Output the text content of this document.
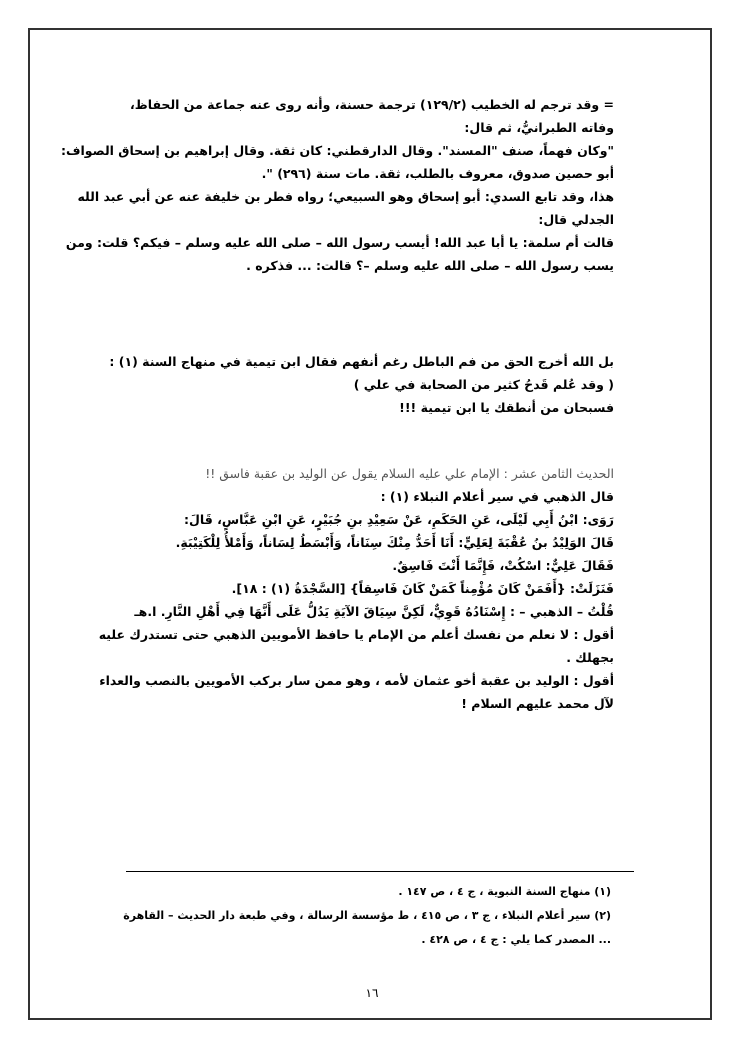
= وقد ترجم له الخطيب (١٢٩/٢) ترجمة حسنة، وأنه روى عنه جماعة من الحفاظ،
وفاته الطبرانيُّ، ثم قال:
"وكان فهماً، صنف "المسند". وقال الدارقطني: كان ثقة. وقال إبراهيم بن إسحاق الصواف:
أبو حصين صدوق، معروف بالطلب، ثقة. مات سنة (٢٩٦) ".
هذا، وقد تابع السدي: أبو إسحاق وهو السبيعي؛ رواه فطر بن خليفة عنه عن أبي عبد الله
الجدلي قال:
قالت أم سلمة: يا أبا عبد الله! أيسب رسول الله – صلى الله عليه وسلم – فيكم؟ قلت: ومن
يسب رسول الله – صلى الله عليه وسلم –؟ قالت: ... فذكره .
بل الله أخرج الحق من فم الباطل رغم أنفهم فقال ابن تيمية في منهاج السنة (١) :
( وقد عُلم قَدحُ كثير من الصحابة في علي )
فسبحان من أنطقك يا ابن تيمية !!!
الحديث الثامن عشر : الإمام علي عليه السلام يقول عن الوليد بن عقبة فاسق !!
قال الذهبي في سير أعلام النبلاء (١) :
رَوَى: ابْنُ أَبِي لَيْلَى، عَنِ الحَكَمِ، عَنْ سَعِيْدِ بنِ جُبَيْرٍ، عَنِ ابْنِ عَبَّاسٍ، قَالَ:
قَالَ الوَلِيْدُ بنُ عُقْبَةَ لِعَلِيٍّ: أَنَا أَحَدُّ مِنْكَ سِنَاناً، وَأَبْسَطُ لِسَاناً، وَأَمْلأُ لِلْكَتِيْبَةِ.
فَقَالَ عَلِيٌّ: اسْكُتْ، فَإِنَّمَا أَنْتَ فَاسِقٌ.
فَنَزَلَتْ: {أَفَمَنْ كَانَ مُؤْمِناً كَمَنْ كَانَ فَاسِقاً} [السَّجْدَةُ (١) : ١٨].
قُلْتُ – الذهبي – : إِسْنَادُهُ قَوِيٌّ، لَكِنَّ سِيَاقَ الآيَةِ يَدُلُّ عَلَى أَنَّهَا فِي أَهْلِ النَّارِ. ا.هـ
أقول : لا نعلم من نفسك أعلم من الإمام يا حافظ الأمويين الذهبي حتى تستدرك عليه
بجهلك .
أقول : الوليد بن عقبة أخو عثمان لأمه ، وهو ممن سار بركب الأمويين بالنصب والعداء
لآل محمد عليهم السلام !
(١) منهاج السنة النبوية ، ج ٤ ، ص ١٤٧ .
(٢) سير أعلام النبلاء ، ج ٣ ، ص ٤١٥ ، ط مؤسسة الرسالة ، وفي طبعة دار الحديث – القاهرة
... المصدر كما يلي : ج ٤ ، ص ٤٢٨ .
١٦
